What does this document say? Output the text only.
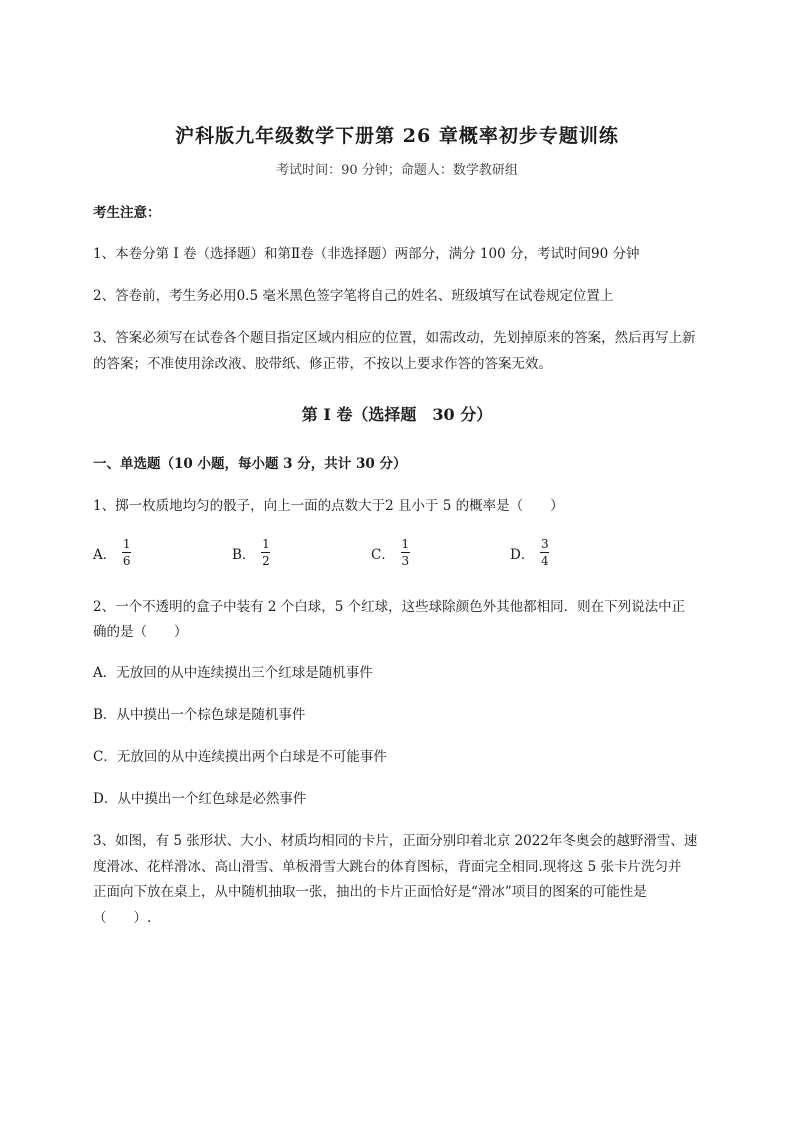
沪科版九年级数学下册第 26 章概率初步专题训练
考试时间：90 分钟；命题人：数学教研组
考生注意：
1、本卷分第 I 卷（选择题）和第Ⅱ卷（非选择题）两部分，满分 100 分，考试时间90 分钟
2、答卷前，考生务必用0.5 毫米黑色签字笔将自己的姓名、班级填写在试卷规定位置上
3、答案必须写在试卷各个题目指定区域内相应的位置，如需改动，先划掉原来的答案，然后再写上新
的答案；不准使用涂改液、胶带纸、修正带，不按以上要求作答的答案无效。
第 I 卷（选择题　30 分）
一、单选题（10 小题，每小题 3 分，共计 30 分）
1、掷一枚质地均匀的骰子，向上一面的点数大于2 且小于 5 的概率是（　　）
A． $\frac{1}{6}$	B． $\frac{1}{2}$	C． $\frac{1}{3}$	D． $\frac{3}{4}$
2、一个不透明的盒子中装有 2 个白球，5 个红球，这些球除颜色外其他都相同．则在下列说法中正
确的是（　　）
A．无放回的从中连续摸出三个红球是随机事件
B．从中摸出一个棕色球是随机事件
C．无放回的从中连续摸出两个白球是不可能事件
D．从中摸出一个红色球是必然事件
3、如图，有 5 张形状、大小、材质均相同的卡片，正面分别印着北京 2022年冬奥会的越野滑雪、速
度滑冰、花样滑冰、高山滑雪、单板滑雪大跳台的体育图标，背面完全相同.现将这 5 张卡片洗匀并
正面向下放在桌上，从中随机抽取一张，抽出的卡片正面恰好是“滑冰”项目的图案的可能性是
（　　）.
